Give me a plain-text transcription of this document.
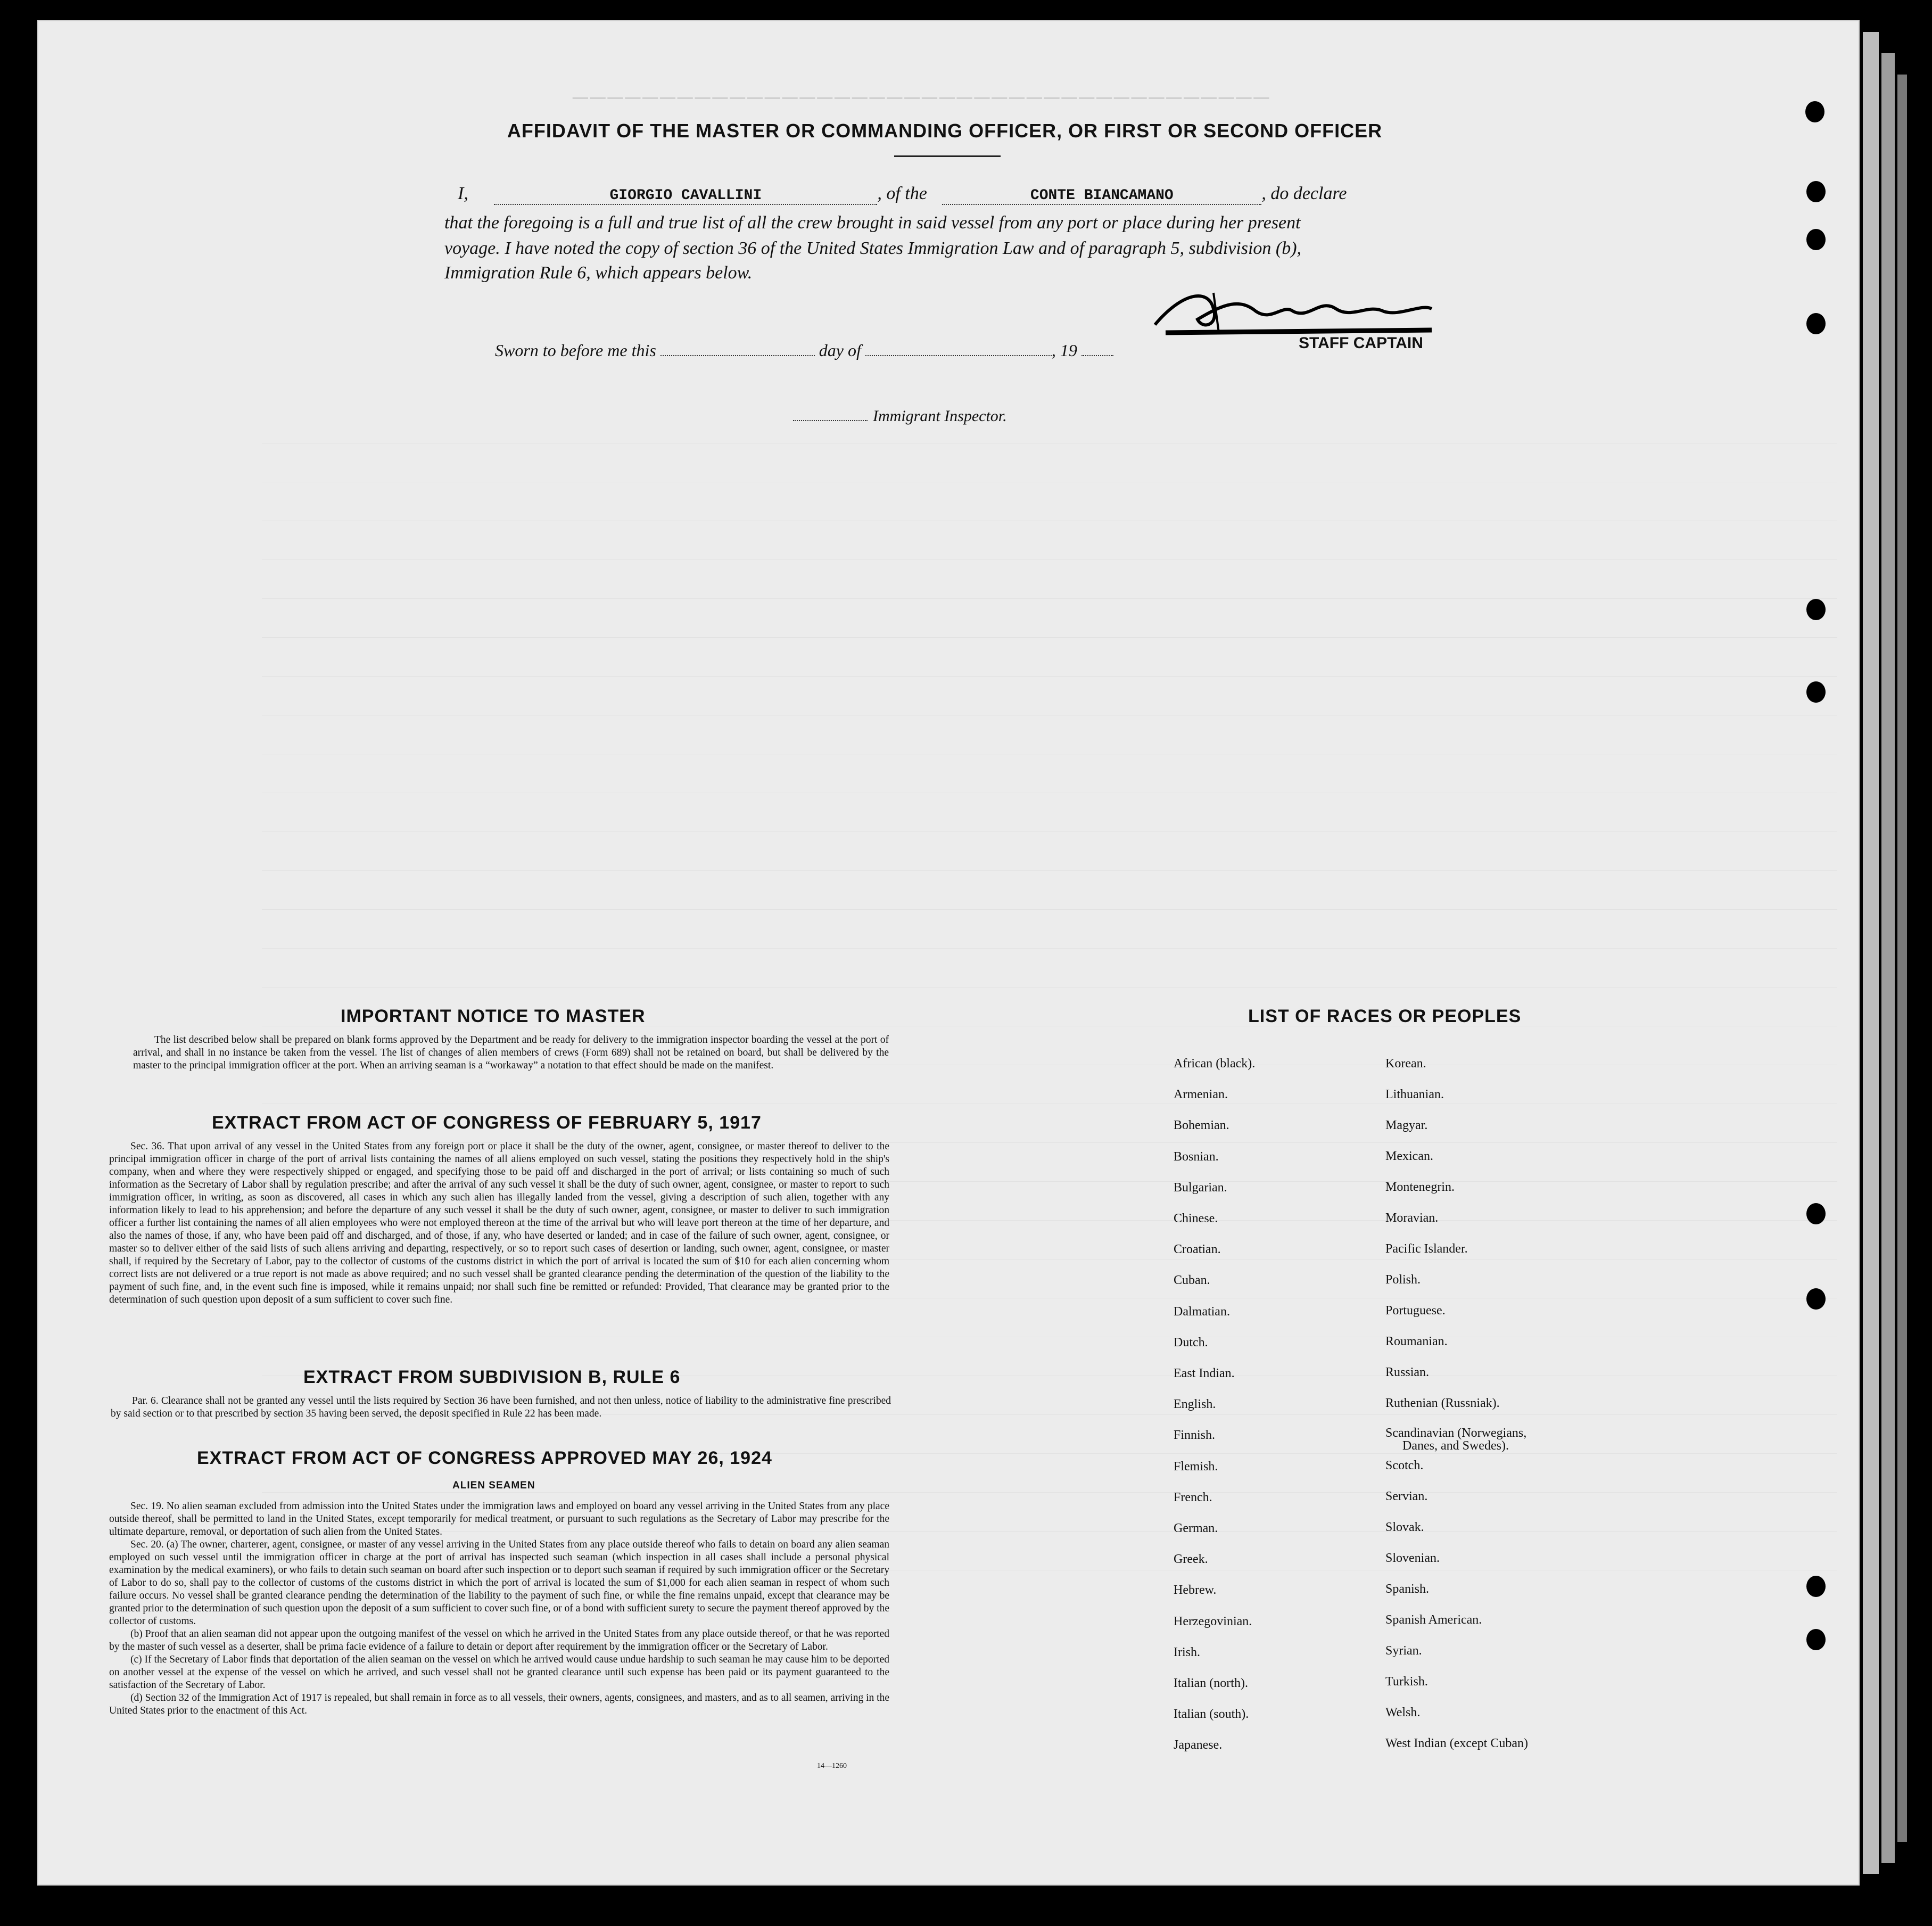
────────────────────────────────────────
AFFIDAVIT OF THE MASTER OR COMMANDING OFFICER, OR FIRST OR SECOND OFFICER
I,	GIORGIO CAVALLINI	, of the	CONTE BIANCAMANO	, do declare
that the foregoing is a full and true list of all the crew brought in said vessel from any port or place during her present
voyage. I have noted the copy of section 36 of the United States Immigration Law and of paragraph 5, subdivision (b),
Immigration Rule 6, which appears below.
STAFF CAPTAIN
Sworn to before me this	day of	, 19
Immigrant Inspector.
IMPORTANT NOTICE TO MASTER

The list described below shall be prepared on blank forms approved by the Department and be ready for delivery to the immigration inspector boarding the vessel at the port of arrival, and shall in no instance be taken from the vessel. The list of changes of alien members of crews (Form 689) shall not be retained on board, but shall be delivered by the master to the principal immigration officer at the port. When an arriving seaman is a “workaway” a notation to that effect should be made on the manifest.

EXTRACT FROM ACT OF CONGRESS OF FEBRUARY 5, 1917

Sec. 36. That upon arrival of any vessel in the United States from any foreign port or place it shall be the duty of the owner, agent, consignee, or master thereof to deliver to the principal immigration officer in charge of the port of arrival lists containing the names of all aliens employed on such vessel, stating the positions they respectively hold in the ship's company, when and where they were respectively shipped or engaged, and specifying those to be paid off and discharged in the port of arrival; or lists containing so much of such information as the Secretary of Labor shall by regulation prescribe; and after the arrival of any such vessel it shall be the duty of such owner, agent, consignee, or master to report to such immigration officer, in writing, as soon as discovered, all cases in which any such alien has illegally landed from the vessel, giving a description of such alien, together with any information likely to lead to his apprehension; and before the departure of any such vessel it shall be the duty of such owner, agent, consignee, or master to deliver to such immigration officer a further list containing the names of all alien employees who were not employed thereon at the time of the arrival but who will leave port thereon at the time of her departure, and also the names of those, if any, who have been paid off and discharged, and of those, if any, who have deserted or landed; and in case of the failure of such owner, agent, consignee, or master so to deliver either of the said lists of such aliens arriving and departing, respectively, or so to report such cases of desertion or landing, such owner, agent, consignee, or master shall, if required by the Secretary of Labor, pay to the collector of customs of the customs district in which the port of arrival is located the sum of $10 for each alien concerning whom correct lists are not delivered or a true report is not made as above required; and no such vessel shall be granted clearance pending the determination of the question of the liability to the payment of such fine, and, in the event such fine is imposed, while it remains unpaid; nor shall such fine be remitted or refunded: Provided, That clearance may be granted prior to the determination of such question upon deposit of a sum sufficient to cover such fine.

EXTRACT FROM SUBDIVISION B, RULE 6

Par. 6. Clearance shall not be granted any vessel until the lists required by Section 36 have been furnished, and not then unless, notice of liability to the administrative fine prescribed by said section or to that prescribed by section 35 having been served, the deposit specified in Rule 22 has been made.

EXTRACT FROM ACT OF CONGRESS APPROVED MAY 26, 1924
ALIEN SEAMEN

Sec. 19. No alien seaman excluded from admission into the United States under the immigration laws and employed on board any vessel arriving in the United States from any place outside thereof, shall be permitted to land in the United States, except temporarily for medical treatment, or pursuant to such regulations as the Secretary of Labor may prescribe for the ultimate departure, removal, or deportation of such alien from the United States.

Sec. 20. (a) The owner, charterer, agent, consignee, or master of any vessel arriving in the United States from any place outside thereof who fails to detain on board any alien seaman employed on such vessel until the immigration officer in charge at the port of arrival has inspected such seaman (which inspection in all cases shall include a personal physical examination by the medical examiners), or who fails to detain such seaman on board after such inspection or to deport such seaman if required by such immigration officer or the Secretary of Labor to do so, shall pay to the collector of customs of the customs district in which the port of arrival is located the sum of $1,000 for each alien seaman in respect of whom such failure occurs. No vessel shall be granted clearance pending the determination of the liability to the payment of such fine, or while the fine remains unpaid, except that clearance may be granted prior to the determination of such question upon the deposit of a sum sufficient to cover such fine, or of a bond with sufficient surety to secure the payment thereof approved by the collector of customs.

(b) Proof that an alien seaman did not appear upon the outgoing manifest of the vessel on which he arrived in the United States from any place outside thereof, or that he was reported by the master of such vessel as a deserter, shall be prima facie evidence of a failure to detain or deport after requirement by the immigration officer or the Secretary of Labor.

(c) If the Secretary of Labor finds that deportation of the alien seaman on the vessel on which he arrived would cause undue hardship to such seaman he may cause him to be deported on another vessel at the expense of the vessel on which he arrived, and such vessel shall not be granted clearance until such expense has been paid or its payment guaranteed to the satisfaction of the Secretary of Labor.

(d) Section 32 of the Immigration Act of 1917 is repealed, but shall remain in force as to all vessels, their owners, agents, consignees, and masters, and as to all seamen, arriving in the United States prior to the enactment of this Act.

14—1260
LIST OF RACES OR PEOPLES
African (black).
Armenian.
Bohemian.
Bosnian.
Bulgarian.
Chinese.
Croatian.
Cuban.
Dalmatian.
Dutch.
East Indian.
English.
Finnish.
Flemish.
French.
German.
Greek.
Hebrew.
Herzegovinian.
Irish.
Italian (north).
Italian (south).
Japanese.
Korean.
Lithuanian.
Magyar.
Mexican.
Montenegrin.
Moravian.
Pacific Islander.
Polish.
Portuguese.
Roumanian.
Russian.
Ruthenian (Russniak).
Scandinavian (Norwegians,
Danes, and Swedes).
Scotch.
Servian.
Slovak.
Slovenian.
Spanish.
Spanish American.
Syrian.
Turkish.
Welsh.
West Indian (except Cuban)
